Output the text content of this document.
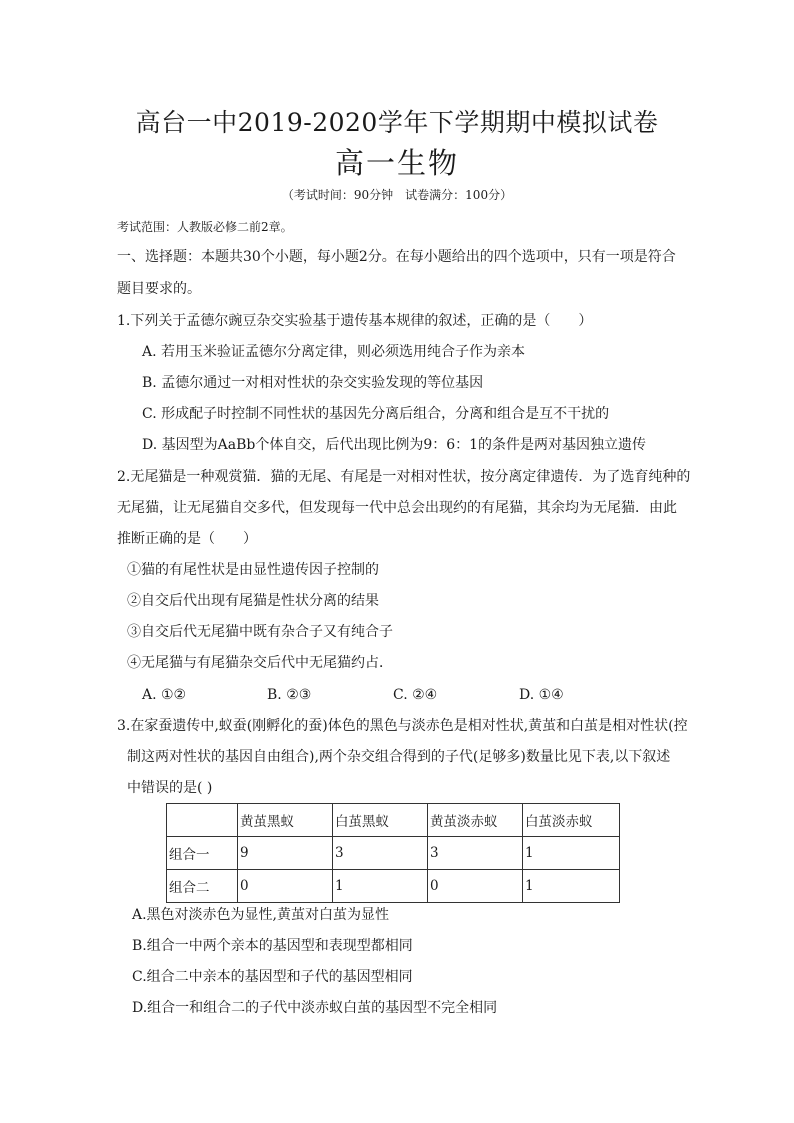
高台一中2019-2020学年下学期期中模拟试卷
高一生物
（考试时间：90分钟　试卷满分：100分）
考试范围：人教版必修二前2章。
一、选择题：本题共30个小题，每小题2分。在每小题给出的四个选项中，只有一项是符合
题目要求的。
1.下列关于孟德尔豌豆杂交实验基于遗传基本规律的叙述，正确的是（　　）
A. 若用玉米验证孟德尔分离定律，则必须选用纯合子作为亲本
B. 孟德尔通过一对相对性状的杂交实验发现的等位基因
C. 形成配子时控制不同性状的基因先分离后组合，分离和组合是互不干扰的
D. 基因型为AaBb个体自交，后代出现比例为9：6：1的条件是两对基因独立遗传
2.无尾猫是一种观赏猫．猫的无尾、有尾是一对相对性状，按分离定律遗传．为了选育纯种的
无尾猫，让无尾猫自交多代，但发现每一代中总会出现约的有尾猫，其余均为无尾猫．由此
推断正确的是（　　）
①猫的有尾性状是由显性遗传因子控制的
②自交后代出现有尾猫是性状分离的结果
③自交后代无尾猫中既有杂合子又有纯合子
④无尾猫与有尾猫杂交后代中无尾猫约占．
A. ①②	B. ②③	C. ②④	D. ①④
3.在家蚕遗传中,蚁蚕(刚孵化的蚕)体色的黑色与淡赤色是相对性状,黄茧和白茧是相对性状(控
制这两对性状的基因自由组合),两个杂交组合得到的子代(足够多)数量比见下表,以下叙述
中错误的是( )
	黄茧黑蚁	白茧黑蚁	黄茧淡赤蚁	白茧淡赤蚁
组合一	9	3	3	1
组合二	0	1	0	1
A.黑色对淡赤色为显性,黄茧对白茧为显性
B.组合一中两个亲本的基因型和表现型都相同
C.组合二中亲本的基因型和子代的基因型相同
D.组合一和组合二的子代中淡赤蚁白茧的基因型不完全相同
